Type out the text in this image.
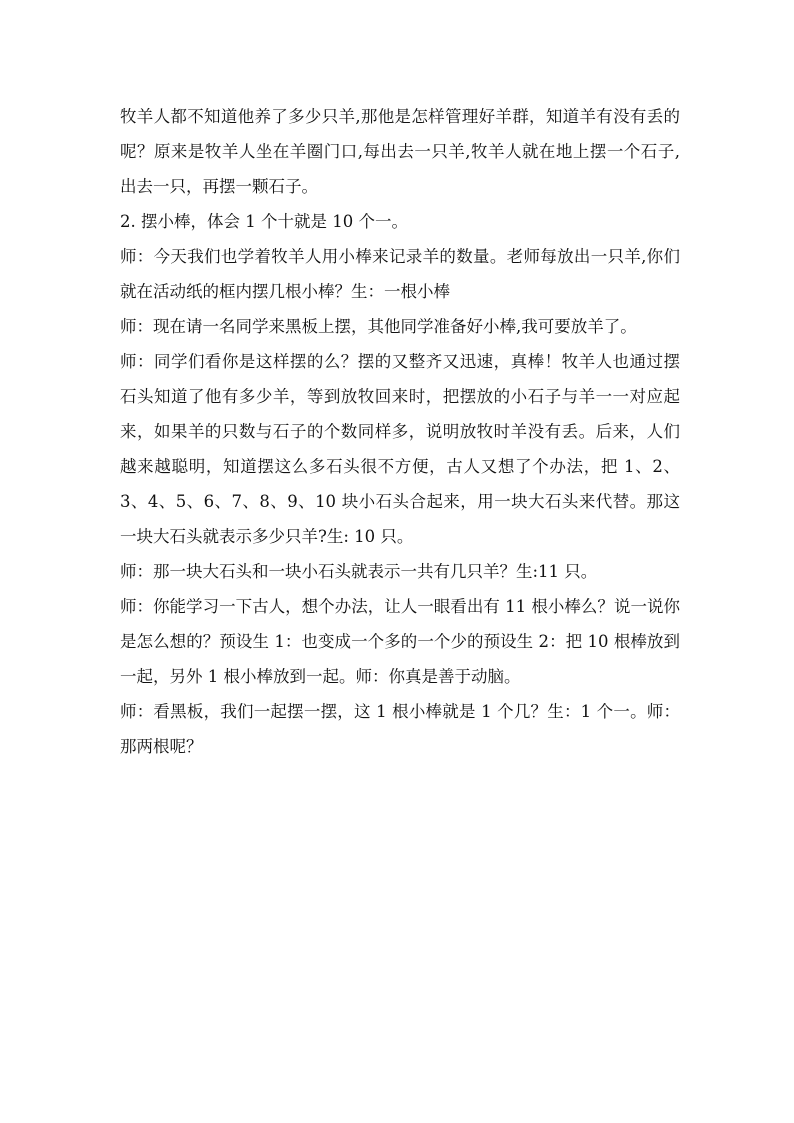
牧羊人都不知道他养了多少只羊,那他是怎样管理好羊群，知道羊有没有丢的呢？原来是牧羊人坐在羊圈门口,每出去一只羊,牧羊人就在地上摆一个石子,出去一只，再摆一颗石子。

2. 摆小棒，体会 1 个十就是 10 个一。

师：今天我们也学着牧羊人用小棒来记录羊的数量。老师每放出一只羊,你们就在活动纸的框内摆几根小棒？生：一根小棒

师：现在请一名同学来黑板上摆，其他同学准备好小棒,我可要放羊了。

师：同学们看你是这样摆的么？摆的又整齐又迅速，真棒！牧羊人也通过摆石头知道了他有多少羊，等到放牧回来时，把摆放的小石子与羊一一对应起来，如果羊的只数与石子的个数同样多，说明放牧时羊没有丢。后来，人们越来越聪明，知道摆这么多石头很不方便，古人又想了个办法，把 1、2、3、4、5、6、7、8、9、10 块小石头合起来，用一块大石头来代替。那这一块大石头就表示多少只羊?生: 10 只。

师：那一块大石头和一块小石头就表示一共有几只羊？生:11 只。

师：你能学习一下古人，想个办法，让人一眼看出有 11 根小棒么？说一说你是怎么想的？预设生 1：也变成一个多的一个少的预设生 2：把 10 根棒放到一起，另外 1 根小棒放到一起。师：你真是善于动脑。

师：看黑板，我们一起摆一摆，这 1 根小棒就是 1 个几？生：1 个一。师：那两根呢？
